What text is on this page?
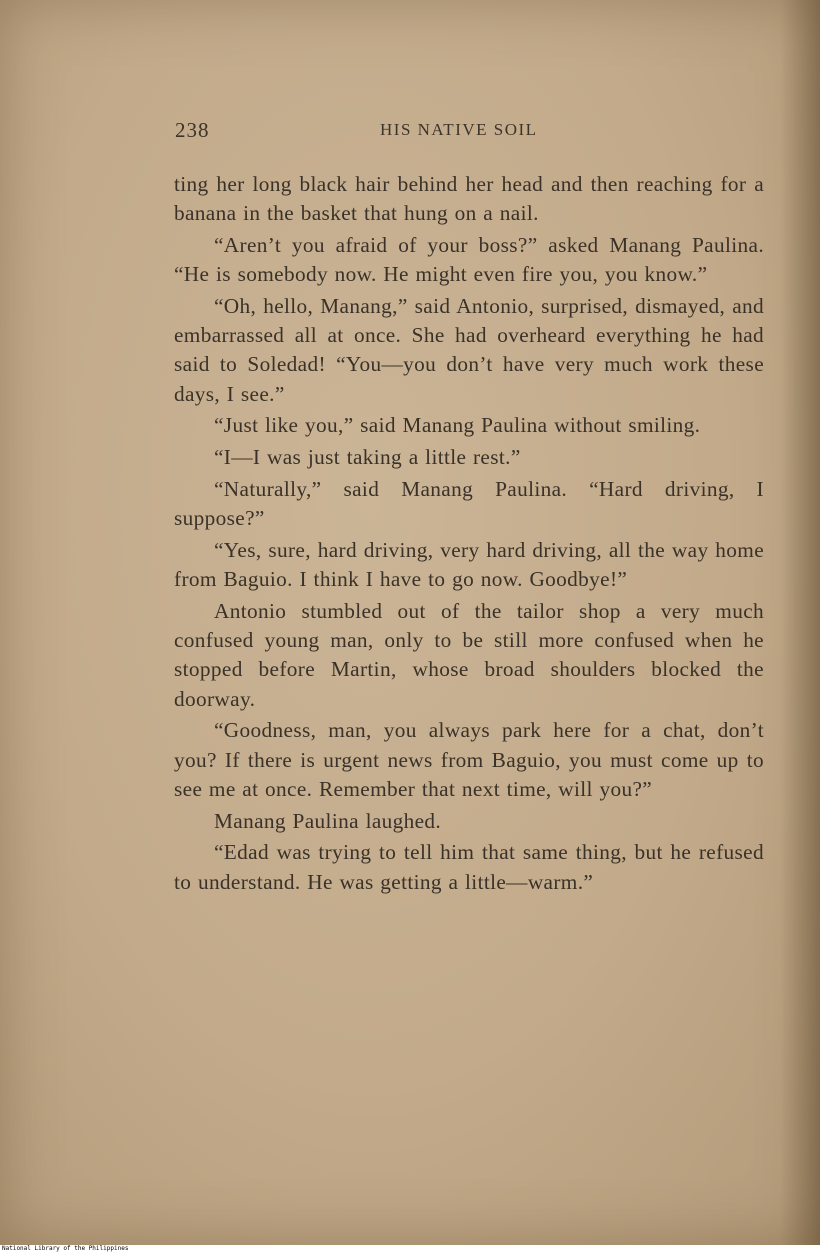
238	HIS NATIVE SOIL

ting her long black hair behind her head and then reaching for a banana in the basket that hung on a nail.

“Aren’t you afraid of your boss?” asked Manang Paulina. “He is somebody now. He might even fire you, you know.”

“Oh, hello, Manang,” said Antonio, surprised, dismayed, and embarrassed all at once. She had overheard everything he had said to Soledad! “You—you don’t have very much work these days, I see.”

“Just like you,” said Manang Paulina without smiling.

“I—I was just taking a little rest.”

“Naturally,” said Manang Paulina. “Hard driving, I suppose?”

“Yes, sure, hard driving, very hard driving, all the way home from Baguio. I think I have to go now. Goodbye!”

Antonio stumbled out of the tailor shop a very much confused young man, only to be still more confused when he stopped before Martin, whose broad shoulders blocked the doorway.

“Goodness, man, you always park here for a chat, don’t you? If there is urgent news from Baguio, you must come up to see me at once. Remember that next time, will you?”

Manang Paulina laughed.

“Edad was trying to tell him that same thing, but he refused to understand. He was getting a little—warm.”

National Library of the Philippines
